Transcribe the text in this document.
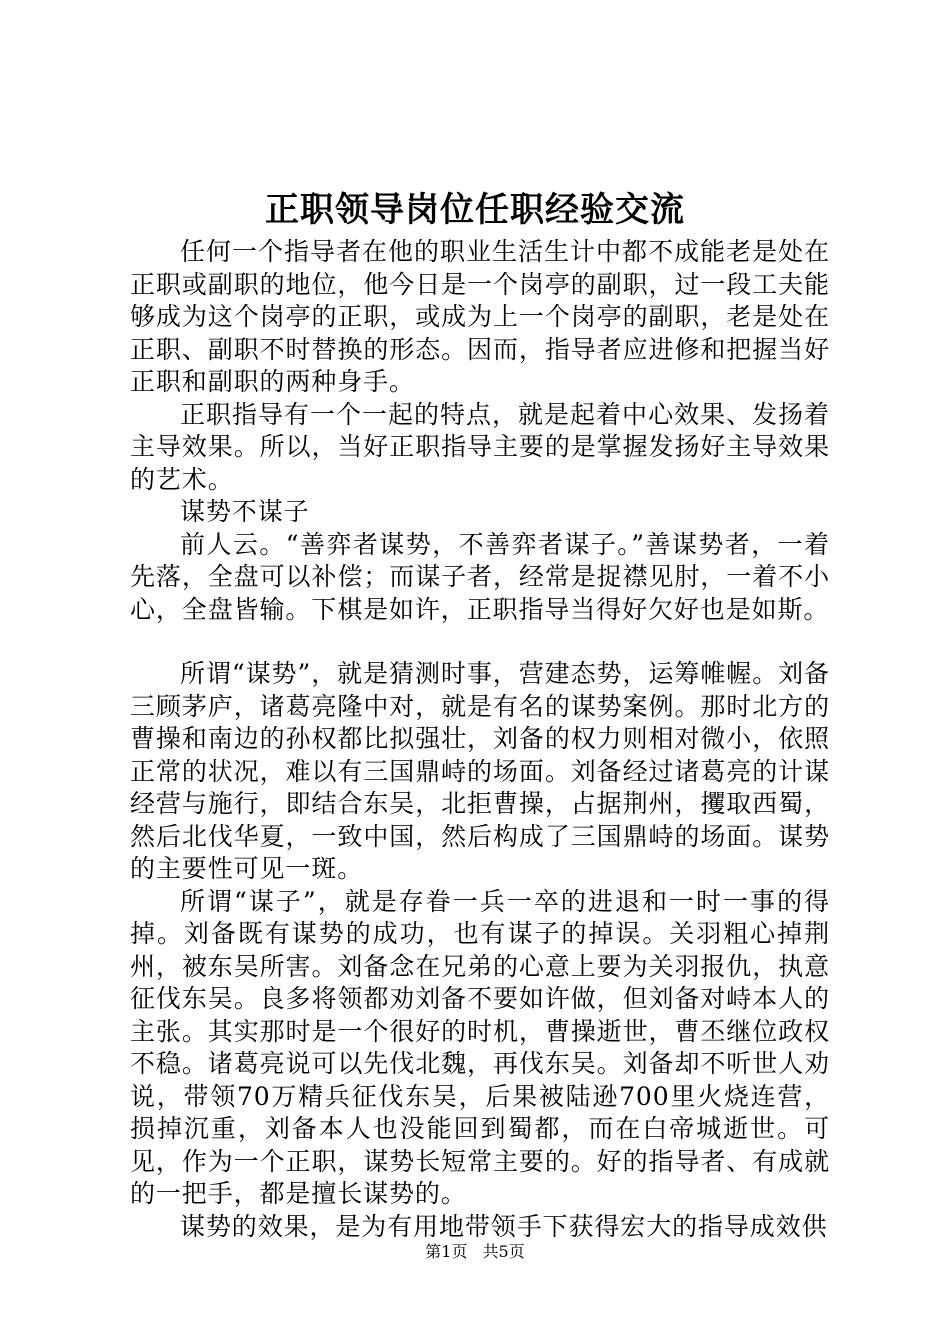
正职领导岗位任职经验交流

任何一个指导者在他的职业生活生计中都不成能老是处在正职或副职的地位，他今日是一个岗亭的副职，过一段工夫能够成为这个岗亭的正职，或成为上一个岗亭的副职，老是处在正职、副职不时替换的形态。因而，指导者应进修和把握当好正职和副职的两种身手。

正职指导有一个一起的特点，就是起着中心效果、发扬着主导效果。所以，当好正职指导主要的是掌握发扬好主导效果的艺术。

谋势不谋子

前人云。“善弈者谋势，不善弈者谋子。”善谋势者，一着先落，全盘可以补偿；而谋子者，经常是捉襟见肘，一着不小心，全盘皆输。下棋是如许，正职指导当得好欠好也是如斯。

所谓“谋势”，就是猜测时事，营建态势，运筹帷幄。刘备三顾茅庐，诸葛亮隆中对，就是有名的谋势案例。那时北方的曹操和南边的孙权都比拟强壮，刘备的权力则相对微小，依照正常的状况，难以有三国鼎峙的场面。刘备经过诸葛亮的计谋经营与施行，即结合东吴，北拒曹操，占据荆州，攫取西蜀，然后北伐华夏，一致中国，然后构成了三国鼎峙的场面。谋势的主要性可见一斑。

所谓“谋子”，就是存眷一兵一卒的进退和一时一事的得掉。刘备既有谋势的成功，也有谋子的掉误。关羽粗心掉荆州，被东吴所害。刘备念在兄弟的心意上要为关羽报仇，执意征伐东吴。良多将领都劝刘备不要如许做，但刘备对峙本人的主张。其实那时是一个很好的时机，曹操逝世，曹丕继位政权不稳。诸葛亮说可以先伐北魏，再伐东吴。刘备却不听世人劝说，带领70万精兵征伐东吴，后果被陆逊700里火烧连营，损掉沉重，刘备本人也没能回到蜀都，而在白帝城逝世。可见，作为一个正职，谋势长短常主要的。好的指导者、有成就的一把手，都是擅长谋势的。

谋势的效果，是为有用地带领手下获得宏大的指导成效供

第1页 共5页
